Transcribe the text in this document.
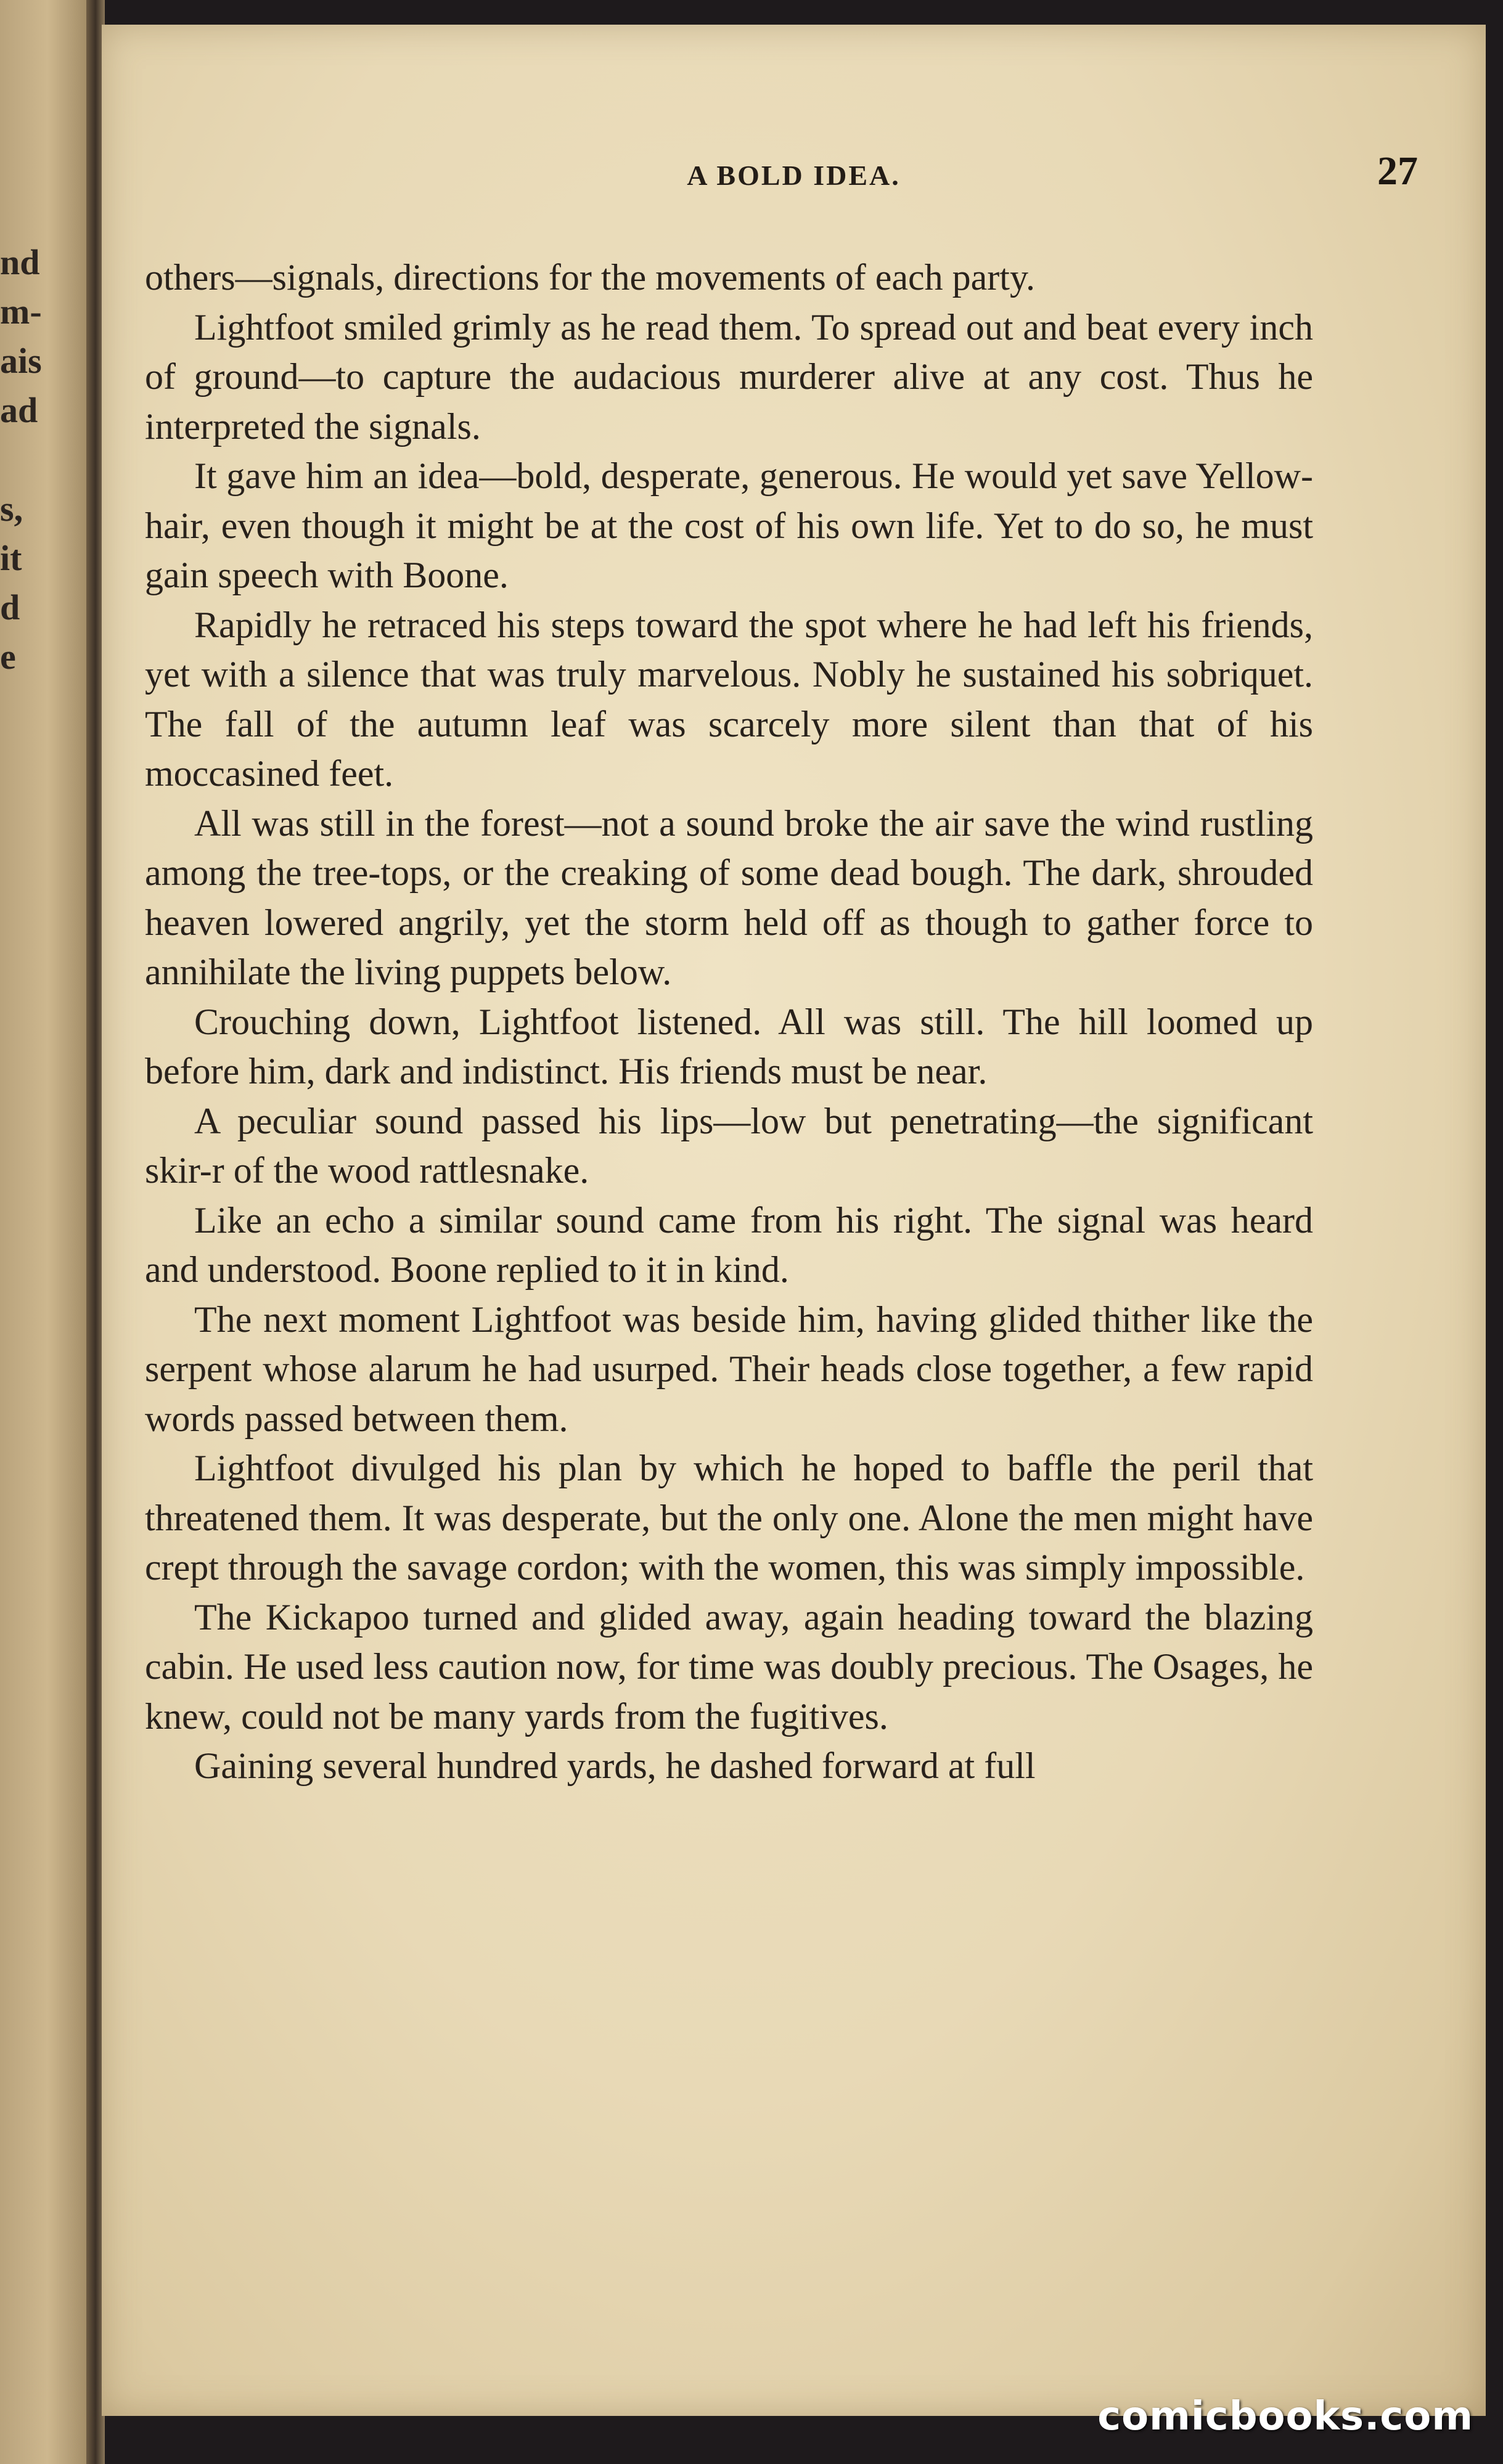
nd
m-
ais
ad
s,
it
d
e
A BOLD IDEA.	27

others—signals, directions for the movements of each party.

Lightfoot smiled grimly as he read them. To spread out and beat every inch of ground—to capture the audacious murderer alive at any cost. Thus he interpreted the signals.

It gave him an idea—bold, desperate, generous. He would yet save Yellow-hair, even though it might be at the cost of his own life. Yet to do so, he must gain speech with Boone.

Rapidly he retraced his steps toward the spot where he had left his friends, yet with a silence that was truly marvelous. Nobly he sustained his sobriquet. The fall of the autumn leaf was scarcely more silent than that of his moccasined feet.

All was still in the forest—not a sound broke the air save the wind rustling among the tree-tops, or the creaking of some dead bough. The dark, shrouded heaven lowered angrily, yet the storm held off as though to gather force to annihilate the living puppets below.

Crouching down, Lightfoot listened. All was still. The hill loomed up before him, dark and indistinct. His friends must be near.

A peculiar sound passed his lips—low but penetrating—the significant skir-r of the wood rattlesnake.

Like an echo a similar sound came from his right. The signal was heard and understood. Boone replied to it in kind.

The next moment Lightfoot was beside him, having glided thither like the serpent whose alarum he had usurped. Their heads close together, a few rapid words passed between them.

Lightfoot divulged his plan by which he hoped to baffle the peril that threatened them. It was desperate, but the only one. Alone the men might have crept through the savage cordon; with the women, this was simply impossible.

The Kickapoo turned and glided away, again heading toward the blazing cabin. He used less caution now, for time was doubly precious. The Osages, he knew, could not be many yards from the fugitives.

Gaining several hundred yards, he dashed forward at full

comicbooks.com
